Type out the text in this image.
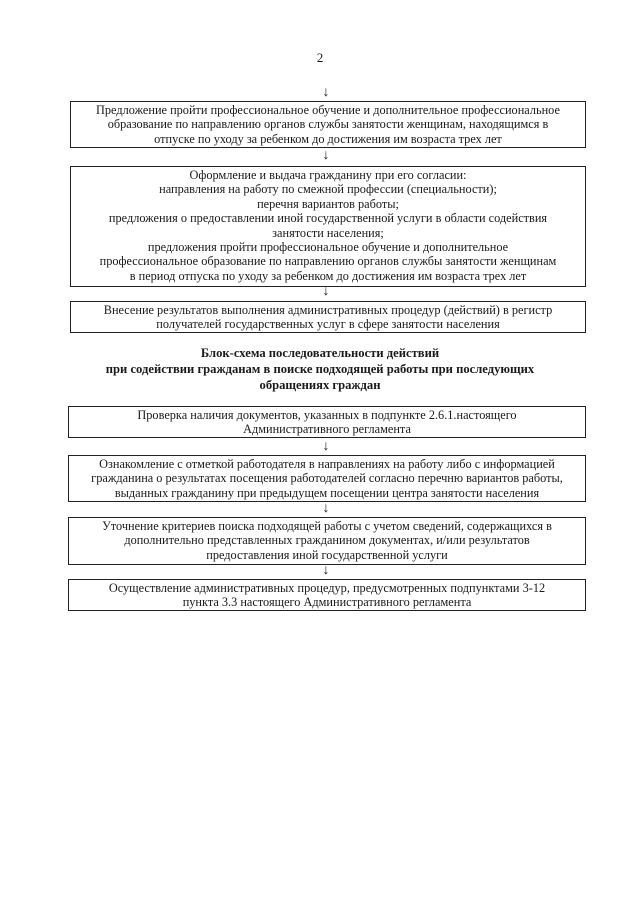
2
↓
Предложение пройти профессиональное обучение и дополнительное профессиональное
образование по направлению органов службы занятости женщинам, находящимся в
отпуске по уходу за ребенком до достижения им возраста трех лет
↓
Оформление и выдача гражданину при его согласии:
направления на работу по смежной профессии (специальности);
перечня вариантов работы;
предложения о предоставлении иной государственной услуги в области содействия
занятости населения;
предложения пройти профессиональное обучение и дополнительное
профессиональное образование по направлению органов службы занятости женщинам
в период отпуска по уходу за ребенком до достижения им возраста трех лет
↓
Внесение результатов выполнения административных процедур (действий) в регистр
получателей государственных услуг в сфере занятости населения
Блок-схема последовательности действий
при содействии гражданам в поиске подходящей работы при последующих
обращениях граждан
Проверка наличия документов, указанных в подпункте 2.6.1.настоящего
Административного регламента
↓
Ознакомление с отметкой работодателя в направлениях на работу либо с информацией
гражданина о результатах посещения работодателей согласно перечню вариантов работы,
выданных гражданину при предыдущем посещении центра занятости населения
↓
Уточнение критериев поиска подходящей работы с учетом сведений, содержащихся в
дополнительно представленных гражданином документах, и/или результатов
предоставления иной государственной услуги
↓
Осуществление административных процедур, предусмотренных подпунктами 3-12
пункта 3.3 настоящего Административного регламента
